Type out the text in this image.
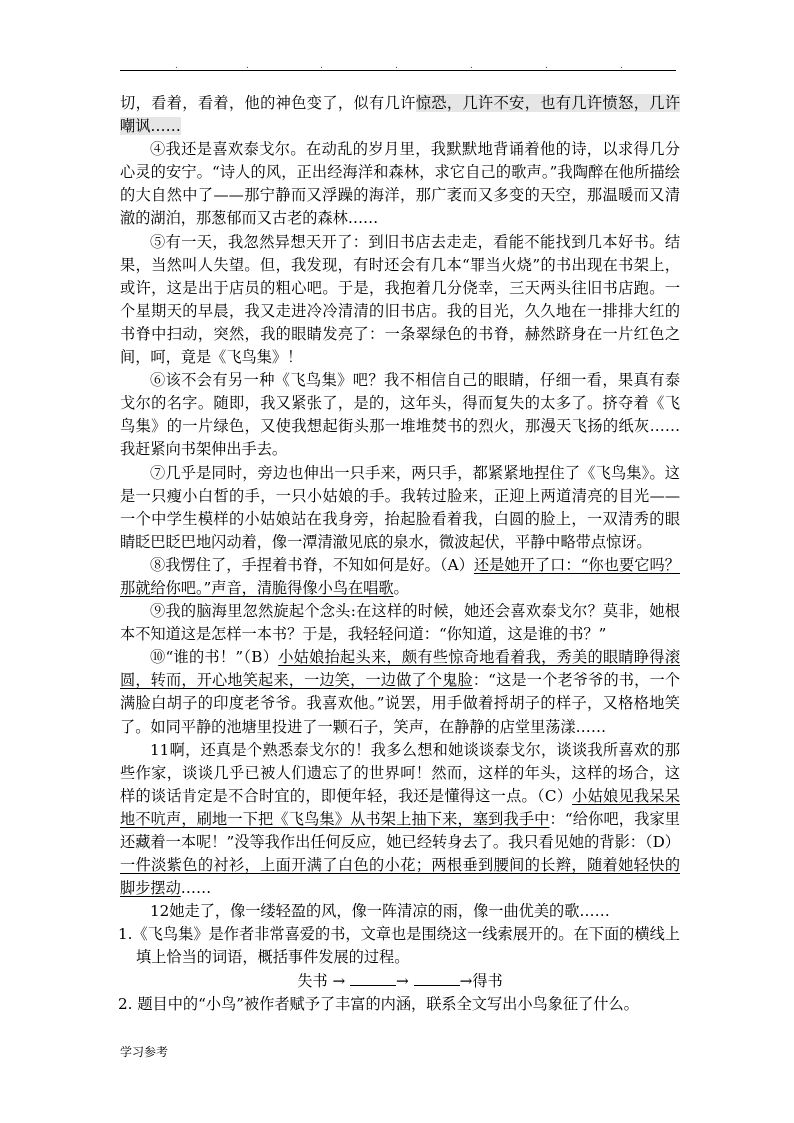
.	.	.	.	.	.	.

切，看着，看着，他的神色变了，似有几许惊恐，几许不安，也有几许愤怒，几许嘲讽……

④我还是喜欢泰戈尔。在动乱的岁月里，我默默地背诵着他的诗，以求得几分心灵的安宁。“诗人的风，正出经海洋和森林，求它自己的歌声。”我陶醉在他所描绘的大自然中了——那宁静而又浮躁的海洋，那广袤而又多变的天空，那温暖而又清澈的湖泊，那葱郁而又古老的森林……

⑤有一天，我忽然异想天开了：到旧书店去走走，看能不能找到几本好书。结果，当然叫人失望。但，我发现，有时还会有几本“罪当火烧”的书出现在书架上，或许，这是出于店员的粗心吧。于是，我抱着几分侥幸，三天两头往旧书店跑。一个星期天的早晨，我又走进冷冷清清的旧书店。我的目光，久久地在一排排大红的书脊中扫动，突然，我的眼睛发亮了：一条翠绿色的书脊，赫然跻身在一片红色之间，呵，竟是《飞鸟集》！

⑥该不会有另一种《飞鸟集》吧？我不相信自己的眼睛，仔细一看，果真有泰戈尔的名字。随即，我又紧张了，是的，这年头，得而复失的太多了。挤夺着《飞鸟集》的一片绿色，又使我想起街头那一堆堆焚书的烈火，那漫天飞扬的纸灰……我赶紧向书架伸出手去。

⑦几乎是同时，旁边也伸出一只手来，两只手，都紧紧地捏住了《飞鸟集》。这是一只瘦小白皙的手，一只小姑娘的手。我转过脸来，正迎上两道清亮的目光——一个中学生模样的小姑娘站在我身旁，抬起脸看着我，白圆的脸上，一双清秀的眼睛眨巴眨巴地闪动着，像一潭清澈见底的泉水，微波起伏，平静中略带点惊讶。

⑧我愣住了，手捏着书脊，不知如何是好。（A）还是她开了口：“你也要它吗？那就给你吧。”声音，清脆得像小鸟在唱歌。

⑨我的脑海里忽然旋起个念头:在这样的时候，她还会喜欢泰戈尔？莫非，她根本不知道这是怎样一本书？于是，我轻轻问道：“你知道，这是谁的书？”

⑩“谁的书！”（B）小姑娘抬起头来，颇有些惊奇地看着我，秀美的眼睛睁得滚圆，转而，开心地笑起来，一边笑，一边做了个鬼脸：“这是一个老爷爷的书，一个满脸白胡子的印度老爷爷。我喜欢他。”说罢，用手做着捋胡子的样子，又格格地笑了。如同平静的池塘里投进了一颗石子，笑声，在静静的店堂里荡漾……

11啊，还真是个熟悉泰戈尔的！我多么想和她谈谈泰戈尔，谈谈我所喜欢的那些作家，谈谈几乎已被人们遗忘了的世界呵！然而，这样的年头，这样的场合，这样的谈话肯定是不合时宜的，即便年轻，我还是懂得这一点。（C）小姑娘见我呆呆地不吭声，刷地一下把《飞鸟集》从书架上抽下来，塞到我手中：“给你吧，我家里还藏着一本呢！”没等我作出任何反应，她已经转身去了。我只看见她的背影：（D）一件淡紫色的衬衫，上面开满了白色的小花；两根垂到腰间的长辫，随着她轻快的脚步摆动……

12她走了，像一缕轻盈的风，像一阵清凉的雨，像一曲优美的歌……

1.《飞鸟集》是作者非常喜爱的书，文章也是围绕这一线索展开的。在下面的横线上填上恰当的词语，概括事件发展的过程。

失书 →	→	→得书

2. 题目中的“小鸟”被作者赋予了丰富的内涵，联系全文写出小鸟象征了什么。

学习参考
